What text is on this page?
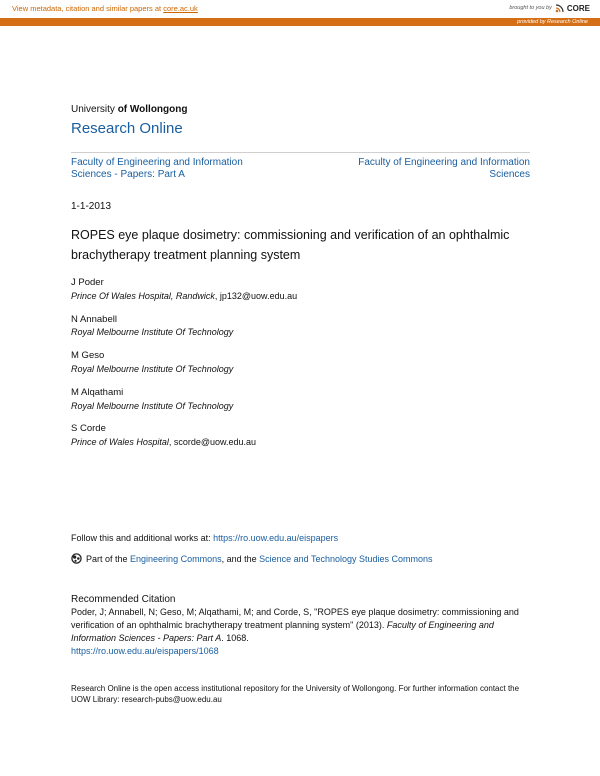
View metadata, citation and similar papers at core.ac.uk	brought to you by CORE
provided by Research Online
University of Wollongong
Research Online
Faculty of Engineering and Information Sciences - Papers: Part A
Faculty of Engineering and Information Sciences
1-1-2013
ROPES eye plaque dosimetry: commissioning and verification of an ophthalmic brachytherapy treatment planning system
J Poder
Prince Of Wales Hospital, Randwick, jp132@uow.edu.au
N Annabell
Royal Melbourne Institute Of Technology
M Geso
Royal Melbourne Institute Of Technology
M Alqathami
Royal Melbourne Institute Of Technology
S Corde
Prince of Wales Hospital, scorde@uow.edu.au
Follow this and additional works at: https://ro.uow.edu.au/eispapers
Part of the Engineering Commons, and the Science and Technology Studies Commons
Recommended Citation
Poder, J; Annabell, N; Geso, M; Alqathami, M; and Corde, S, "ROPES eye plaque dosimetry: commissioning and verification of an ophthalmic brachytherapy treatment planning system" (2013). Faculty of Engineering and Information Sciences - Papers: Part A. 1068.
https://ro.uow.edu.au/eispapers/1068
Research Online is the open access institutional repository for the University of Wollongong. For further information contact the UOW Library: research-pubs@uow.edu.au
